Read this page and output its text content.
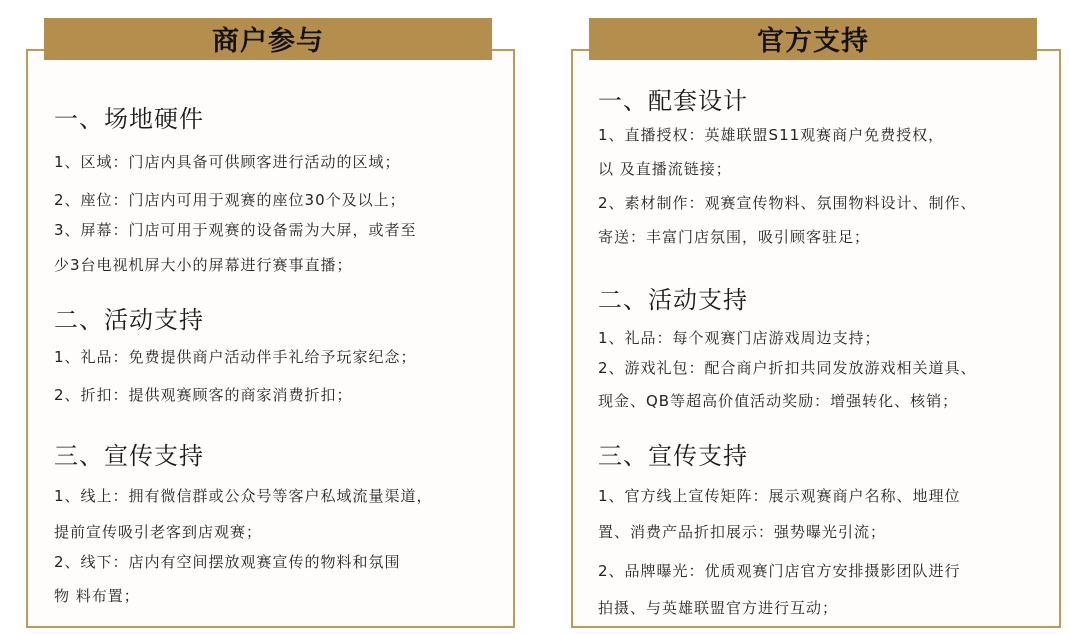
商户参与	官方支持
一、场地硬件
1、区域：门店内具备可供顾客进行活动的区域；
2、座位：门店内可用于观赛的座位30个及以上；
3、屏幕：门店可用于观赛的设备需为大屏，或者至
少3台电视机屏大小的屏幕进行赛事直播；
二、活动支持
1、礼品：免费提供商户活动伴手礼给予玩家纪念；
2、折扣：提供观赛顾客的商家消费折扣；
三、宣传支持
1、线上：拥有微信群或公众号等客户私域流量渠道，
提前宣传吸引老客到店观赛；
2、线下：店内有空间摆放观赛宣传的物料和氛围
物 料布置；
一、配套设计
1、直播授权：英雄联盟S11观赛商户免费授权，
以 及直播流链接；
2、素材制作：观赛宣传物料、氛围物料设计、制作、
寄送：丰富门店氛围，吸引顾客驻足；
二、活动支持
1、礼品：每个观赛门店游戏周边支持；
2、游戏礼包：配合商户折扣共同发放游戏相关道具、
现金、QB等超高价值活动奖励：增强转化、核销；
三、宣传支持
1、官方线上宣传矩阵：展示观赛商户名称、地理位
置、消费产品折扣展示：强势曝光引流；
2、品牌曝光：优质观赛门店官方安排摄影团队进行
拍摄、与英雄联盟官方进行互动；
